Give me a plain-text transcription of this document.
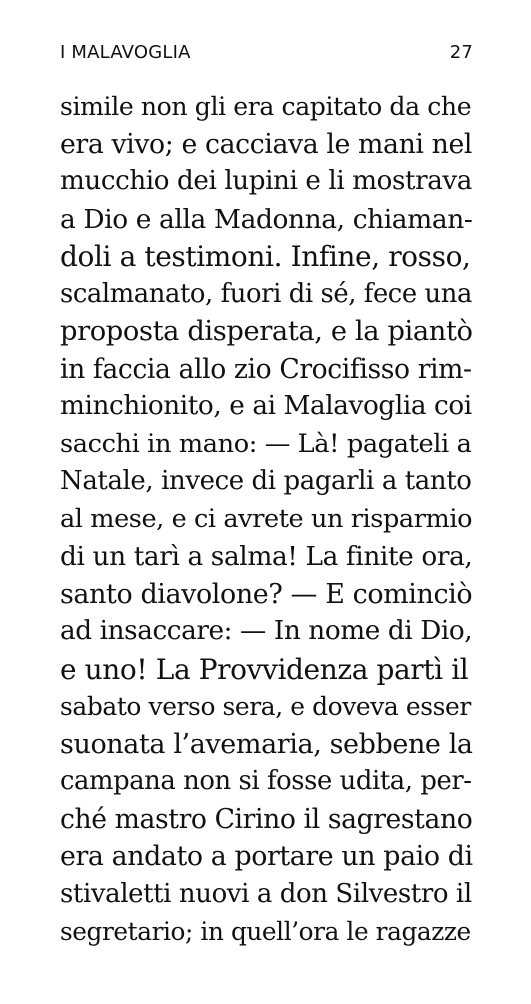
I MALAVOGLIA	27
simile non gli era capitato da che
era vivo; e cacciava le mani nel
mucchio dei lupini e li mostrava
a Dio e alla Madonna, chiaman-
doli a testimoni. Infine, rosso,
scalmanato, fuori di sé, fece una
proposta disperata, e la piantò
in faccia allo zio Crocifisso rim-
minchionito, e ai Malavoglia coi
sacchi in mano: — Là! pagateli a
Natale, invece di pagarli a tanto
al mese, e ci avrete un risparmio
di un tarì a salma! La finite ora,
santo diavolone? — E cominciò
ad insaccare: — In nome di Dio,
e uno! La Provvidenza partì il
sabato verso sera, e doveva esser
suonata l’avemaria, sebbene la
campana non si fosse udita, per-
ché mastro Cirino il sagrestano
era andato a portare un paio di
stivaletti nuovi a don Silvestro il
segretario; in quell’ora le ragazze
